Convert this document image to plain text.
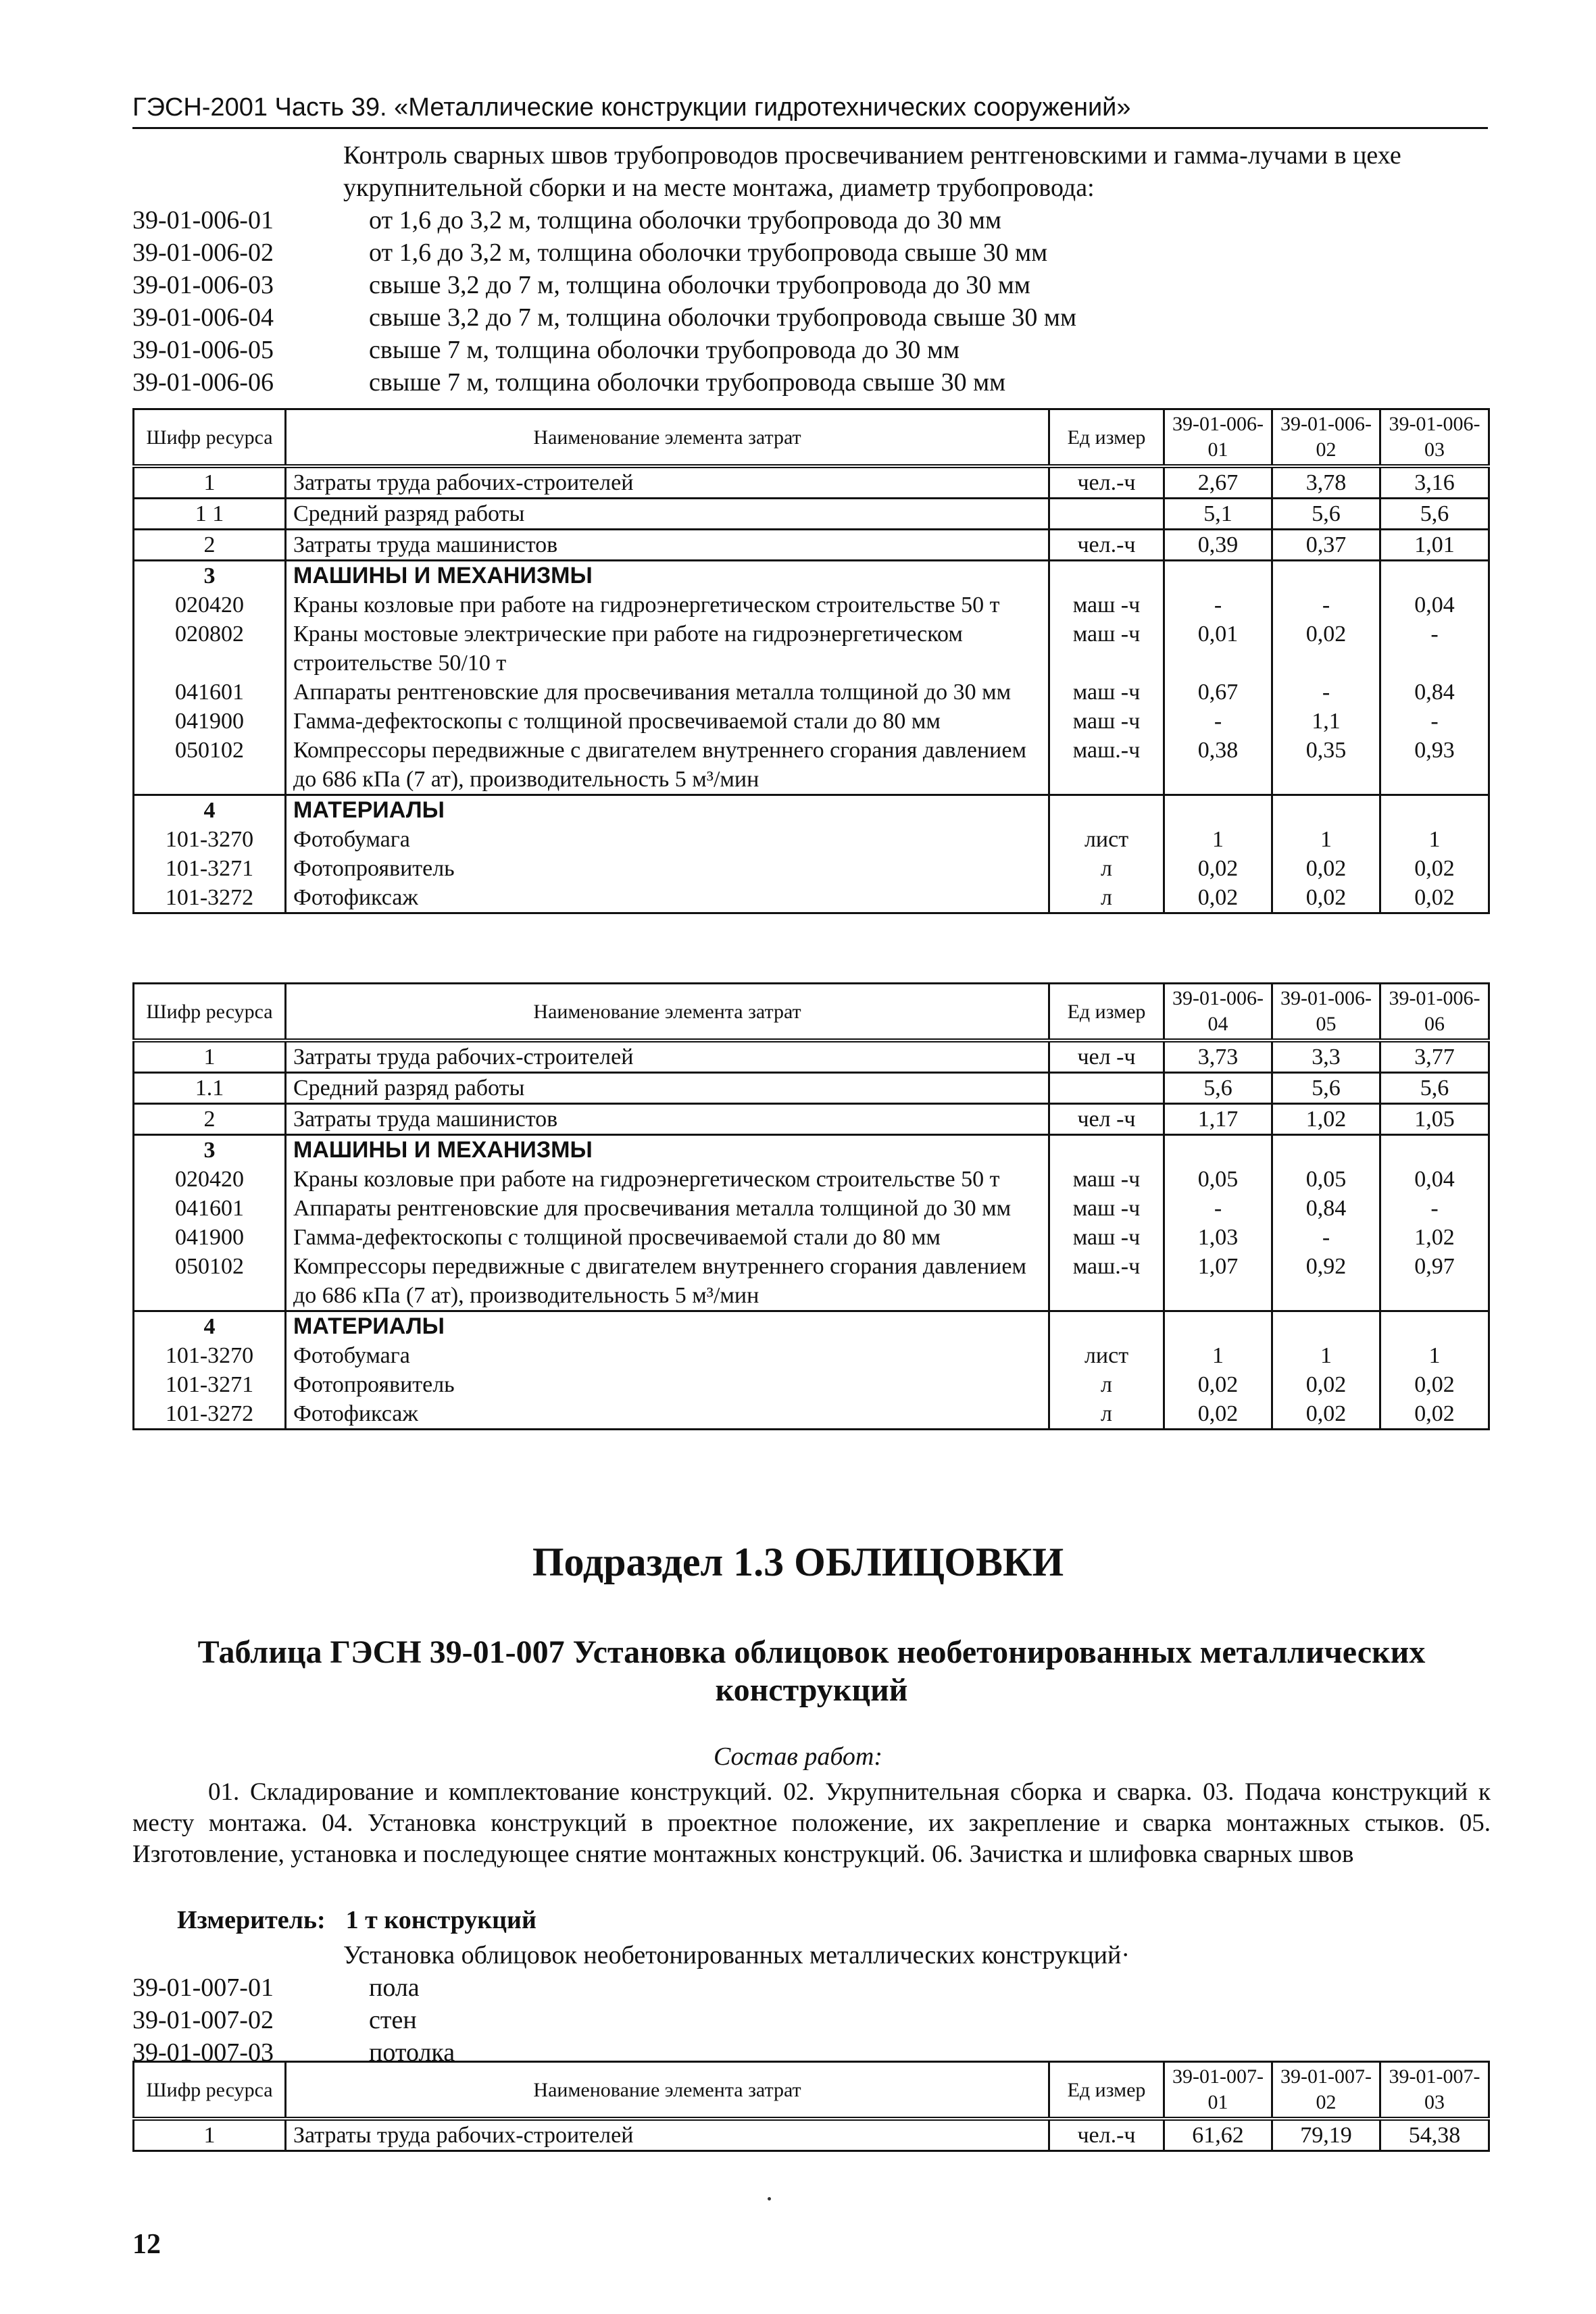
ГЭСН-2001 Часть 39. «Металлические конструкции гидротехнических сооружений»
Контроль сварных швов трубопроводов просвечиванием рентгеновскими и гамма-лучами в цехе укрупнительной сборки и на месте монтажа, диаметр трубопровода:
39-01-006-01	от 1,6 до 3,2 м, толщина оболочки трубопровода до 30 мм
39-01-006-02	от 1,6 до 3,2 м, толщина оболочки трубопровода свыше 30 мм
39-01-006-03	свыше 3,2 до 7 м, толщина оболочки трубопровода до 30 мм
39-01-006-04	свыше 3,2 до 7 м, толщина оболочки трубопровода свыше 30 мм
39-01-006-05	свыше 7 м, толщина оболочки трубопровода до 30 мм
39-01-006-06	свыше 7 м, толщина оболочки трубопровода свыше 30 мм
Шифр ресурса	Наименование элемента затрат	Ед измер	39-01-006-01	39-01-006-02	39-01-006-03
1	Затраты труда рабочих-строителей	чел.-ч	2,67	3,78	3,16
1 1	Средний разряд работы		5,1	5,6	5,6
2	Затраты труда машинистов	чел.-ч	0,39	0,37	1,01
3	МАШИНЫ И МЕХАНИЗМЫ				
020420	Краны козловые при работе на гидроэнергетическом строительстве 50 т	маш -ч	-	-	0,04
020802	Краны мостовые электрические при работе на гидроэнергетическом строительстве 50/10 т	маш -ч	0,01	0,02	-
041601	Аппараты рентгеновские для просвечивания металла толщиной до 30 мм	маш -ч	0,67	-	0,84
041900	Гамма-дефектоскопы с толщиной просвечиваемой стали до 80 мм	маш -ч	-	1,1	-
050102	Компрессоры передвижные с двигателем внутреннего сгорания давлением до 686 кПа (7 ат), производительность 5 м³/мин	маш.-ч	0,38	0,35	0,93
4	МАТЕРИАЛЫ				
101-3270	Фотобумага	лист	1	1	1
101-3271	Фотопроявитель	л	0,02	0,02	0,02
101-3272	Фотофиксаж	л	0,02	0,02	0,02
Шифр ресурса	Наименование элемента затрат	Ед измер	39-01-006-04	39-01-006-05	39-01-006-06
1	Затраты труда рабочих-строителей	чел -ч	3,73	3,3	3,77
1.1	Средний разряд работы		5,6	5,6	5,6
2	Затраты труда машинистов	чел -ч	1,17	1,02	1,05
3	МАШИНЫ И МЕХАНИЗМЫ				
020420	Краны козловые при работе на гидроэнергетическом строительстве 50 т	маш -ч	0,05	0,05	0,04
041601	Аппараты рентгеновские для просвечивания металла толщиной до 30 мм	маш -ч	-	0,84	-
041900	Гамма-дефектоскопы с толщиной просвечиваемой стали до 80 мм	маш -ч	1,03	-	1,02
050102	Компрессоры передвижные с двигателем внутреннего сгорания давлением до 686 кПа (7 ат), производительность 5 м³/мин	маш.-ч	1,07	0,92	0,97
4	МАТЕРИАЛЫ				
101-3270	Фотобумага	лист	1	1	1
101-3271	Фотопроявитель	л	0,02	0,02	0,02
101-3272	Фотофиксаж	л	0,02	0,02	0,02
Подраздел 1.3 ОБЛИЦОВКИ
Таблица ГЭСН 39-01-007 Установка облицовок необетонированных металлических конструкций
Состав работ:
01. Складирование и комплектование конструкций. 02. Укрупнительная сборка и сварка. 03. Подача конструкций к месту монтажа. 04. Установка конструкций в проектное положение, их закрепление и сварка монтажных стыков. 05. Изготовление, установка и последующее снятие монтажных конструкций. 06. Зачистка и шлифовка сварных швов
Измеритель: 1 т конструкций
Установка облицовок необетонированных металлических конструкций·
39-01-007-01	пола
39-01-007-02	стен
39-01-007-03	потолка
Шифр ресурса	Наименование элемента затрат	Ед измер	39-01-007-01	39-01-007-02	39-01-007-03
1	Затраты труда рабочих-строителей	чел.-ч	61,62	79,19	54,38
12
